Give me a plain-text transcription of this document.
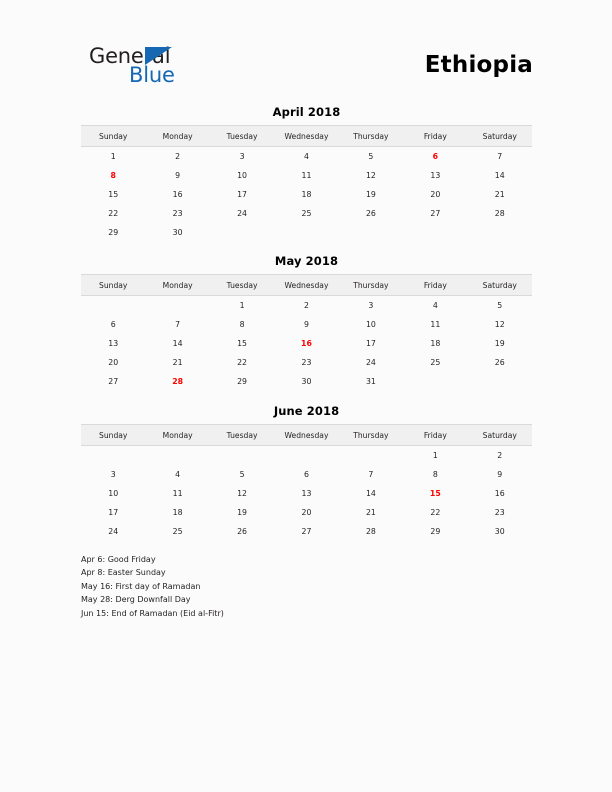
General
Blue	Ethiopia
April 2018
Sunday	Monday	Tuesday	Wednesday	Thursday	Friday	Saturday
1	2	3	4	5	6	7
8	9	10	11	12	13	14
15	16	17	18	19	20	21
22	23	24	25	26	27	28
29	30					
May 2018
Sunday	Monday	Tuesday	Wednesday	Thursday	Friday	Saturday
		1	2	3	4	5
6	7	8	9	10	11	12
13	14	15	16	17	18	19
20	21	22	23	24	25	26
27	28	29	30	31		
June 2018
Sunday	Monday	Tuesday	Wednesday	Thursday	Friday	Saturday
					1	2
3	4	5	6	7	8	9
10	11	12	13	14	15	16
17	18	19	20	21	22	23
24	25	26	27	28	29	30
Apr 6: Good Friday
Apr 8: Easter Sunday
May 16: First day of Ramadan
May 28: Derg Downfall Day
Jun 15: End of Ramadan (Eid al-Fitr)
